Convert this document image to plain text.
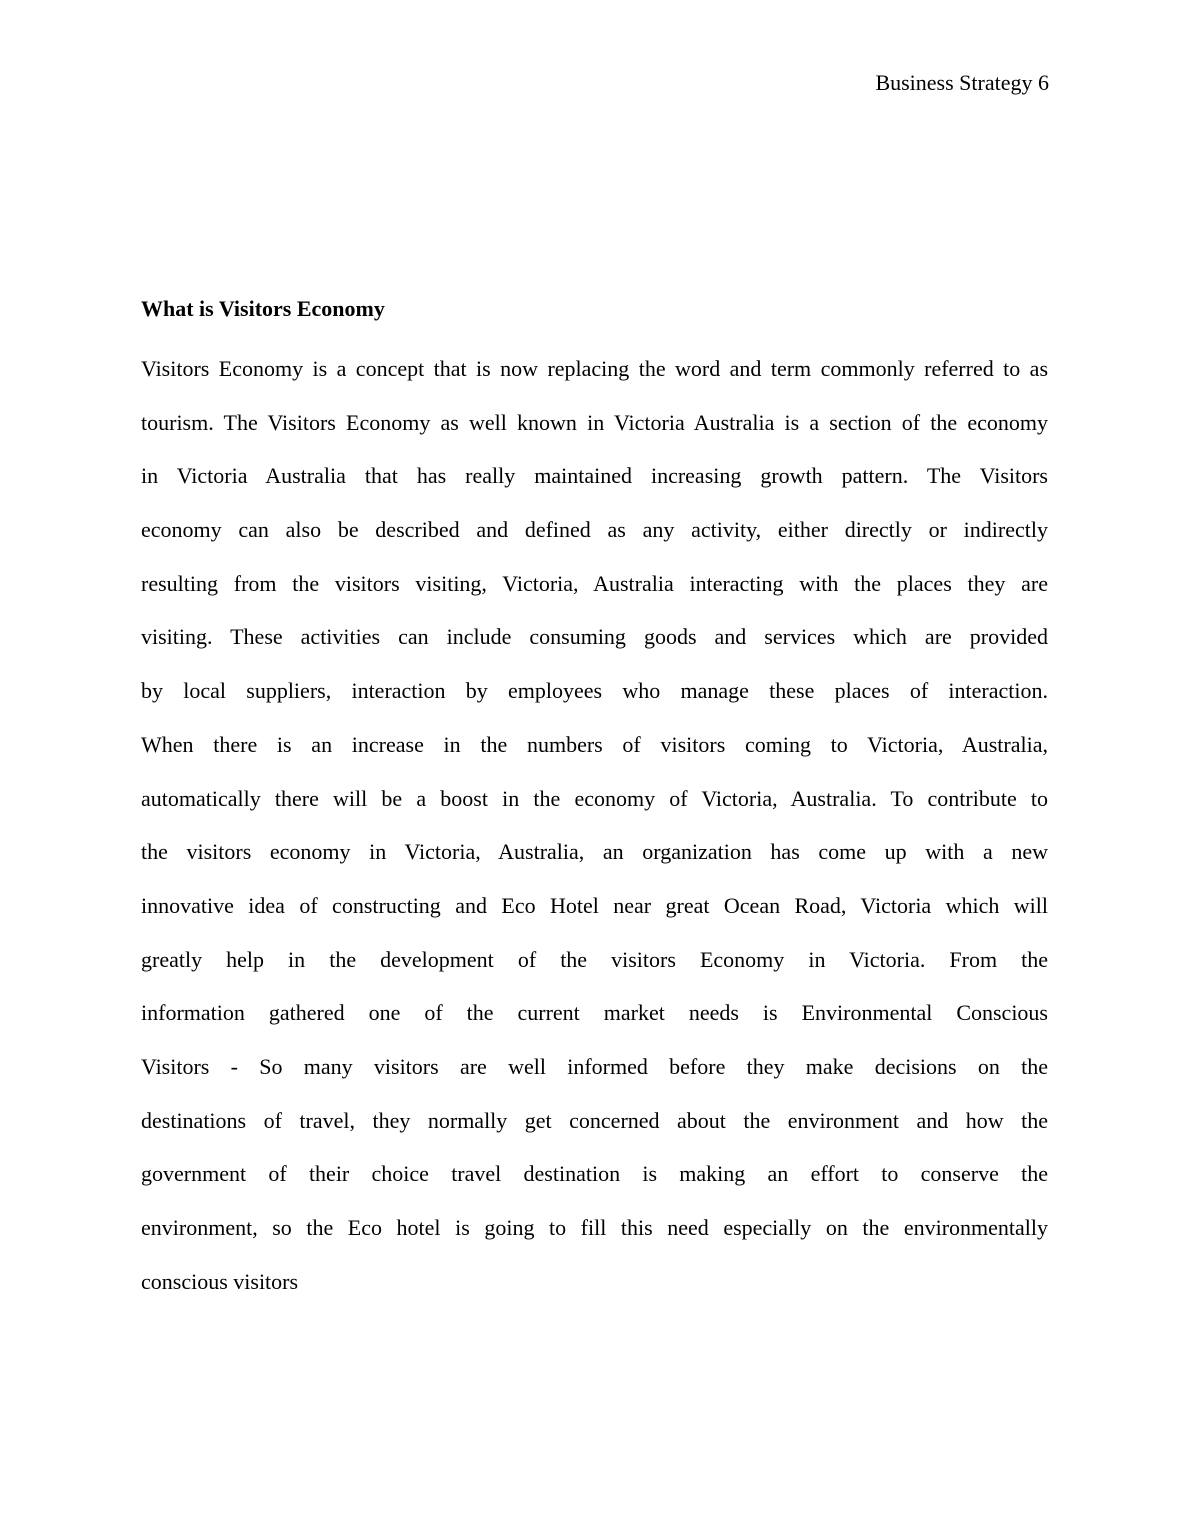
Business Strategy 6
What is Visitors Economy

Visitors Economy is a concept that is now replacing the word and term commonly referred to as
tourism. The Visitors Economy as well known in Victoria Australia is a section of the economy
in Victoria Australia that has really maintained increasing growth pattern. The Visitors
economy can also be described and defined as any activity, either directly or indirectly
resulting from the visitors visiting, Victoria, Australia interacting with the places they are
visiting. These activities can include consuming goods and services which are provided
by local suppliers, interaction by employees who manage these places of interaction.
When there is an increase in the numbers of visitors coming to Victoria, Australia,
automatically there will be a boost in the economy of Victoria, Australia. To contribute to
the visitors economy in Victoria, Australia, an organization has come up with a new
innovative idea of constructing and Eco Hotel near great Ocean Road, Victoria which will
greatly help in the development of the visitors Economy in Victoria. From the
information gathered one of the current market needs is Environmental Conscious
Visitors - So many visitors are well informed before they make decisions on the
destinations of travel, they normally get concerned about the environment and how the
government of their choice travel destination is making an effort to conserve the
environment, so the Eco hotel is going to fill this need especially on the environmentally
conscious visitors
